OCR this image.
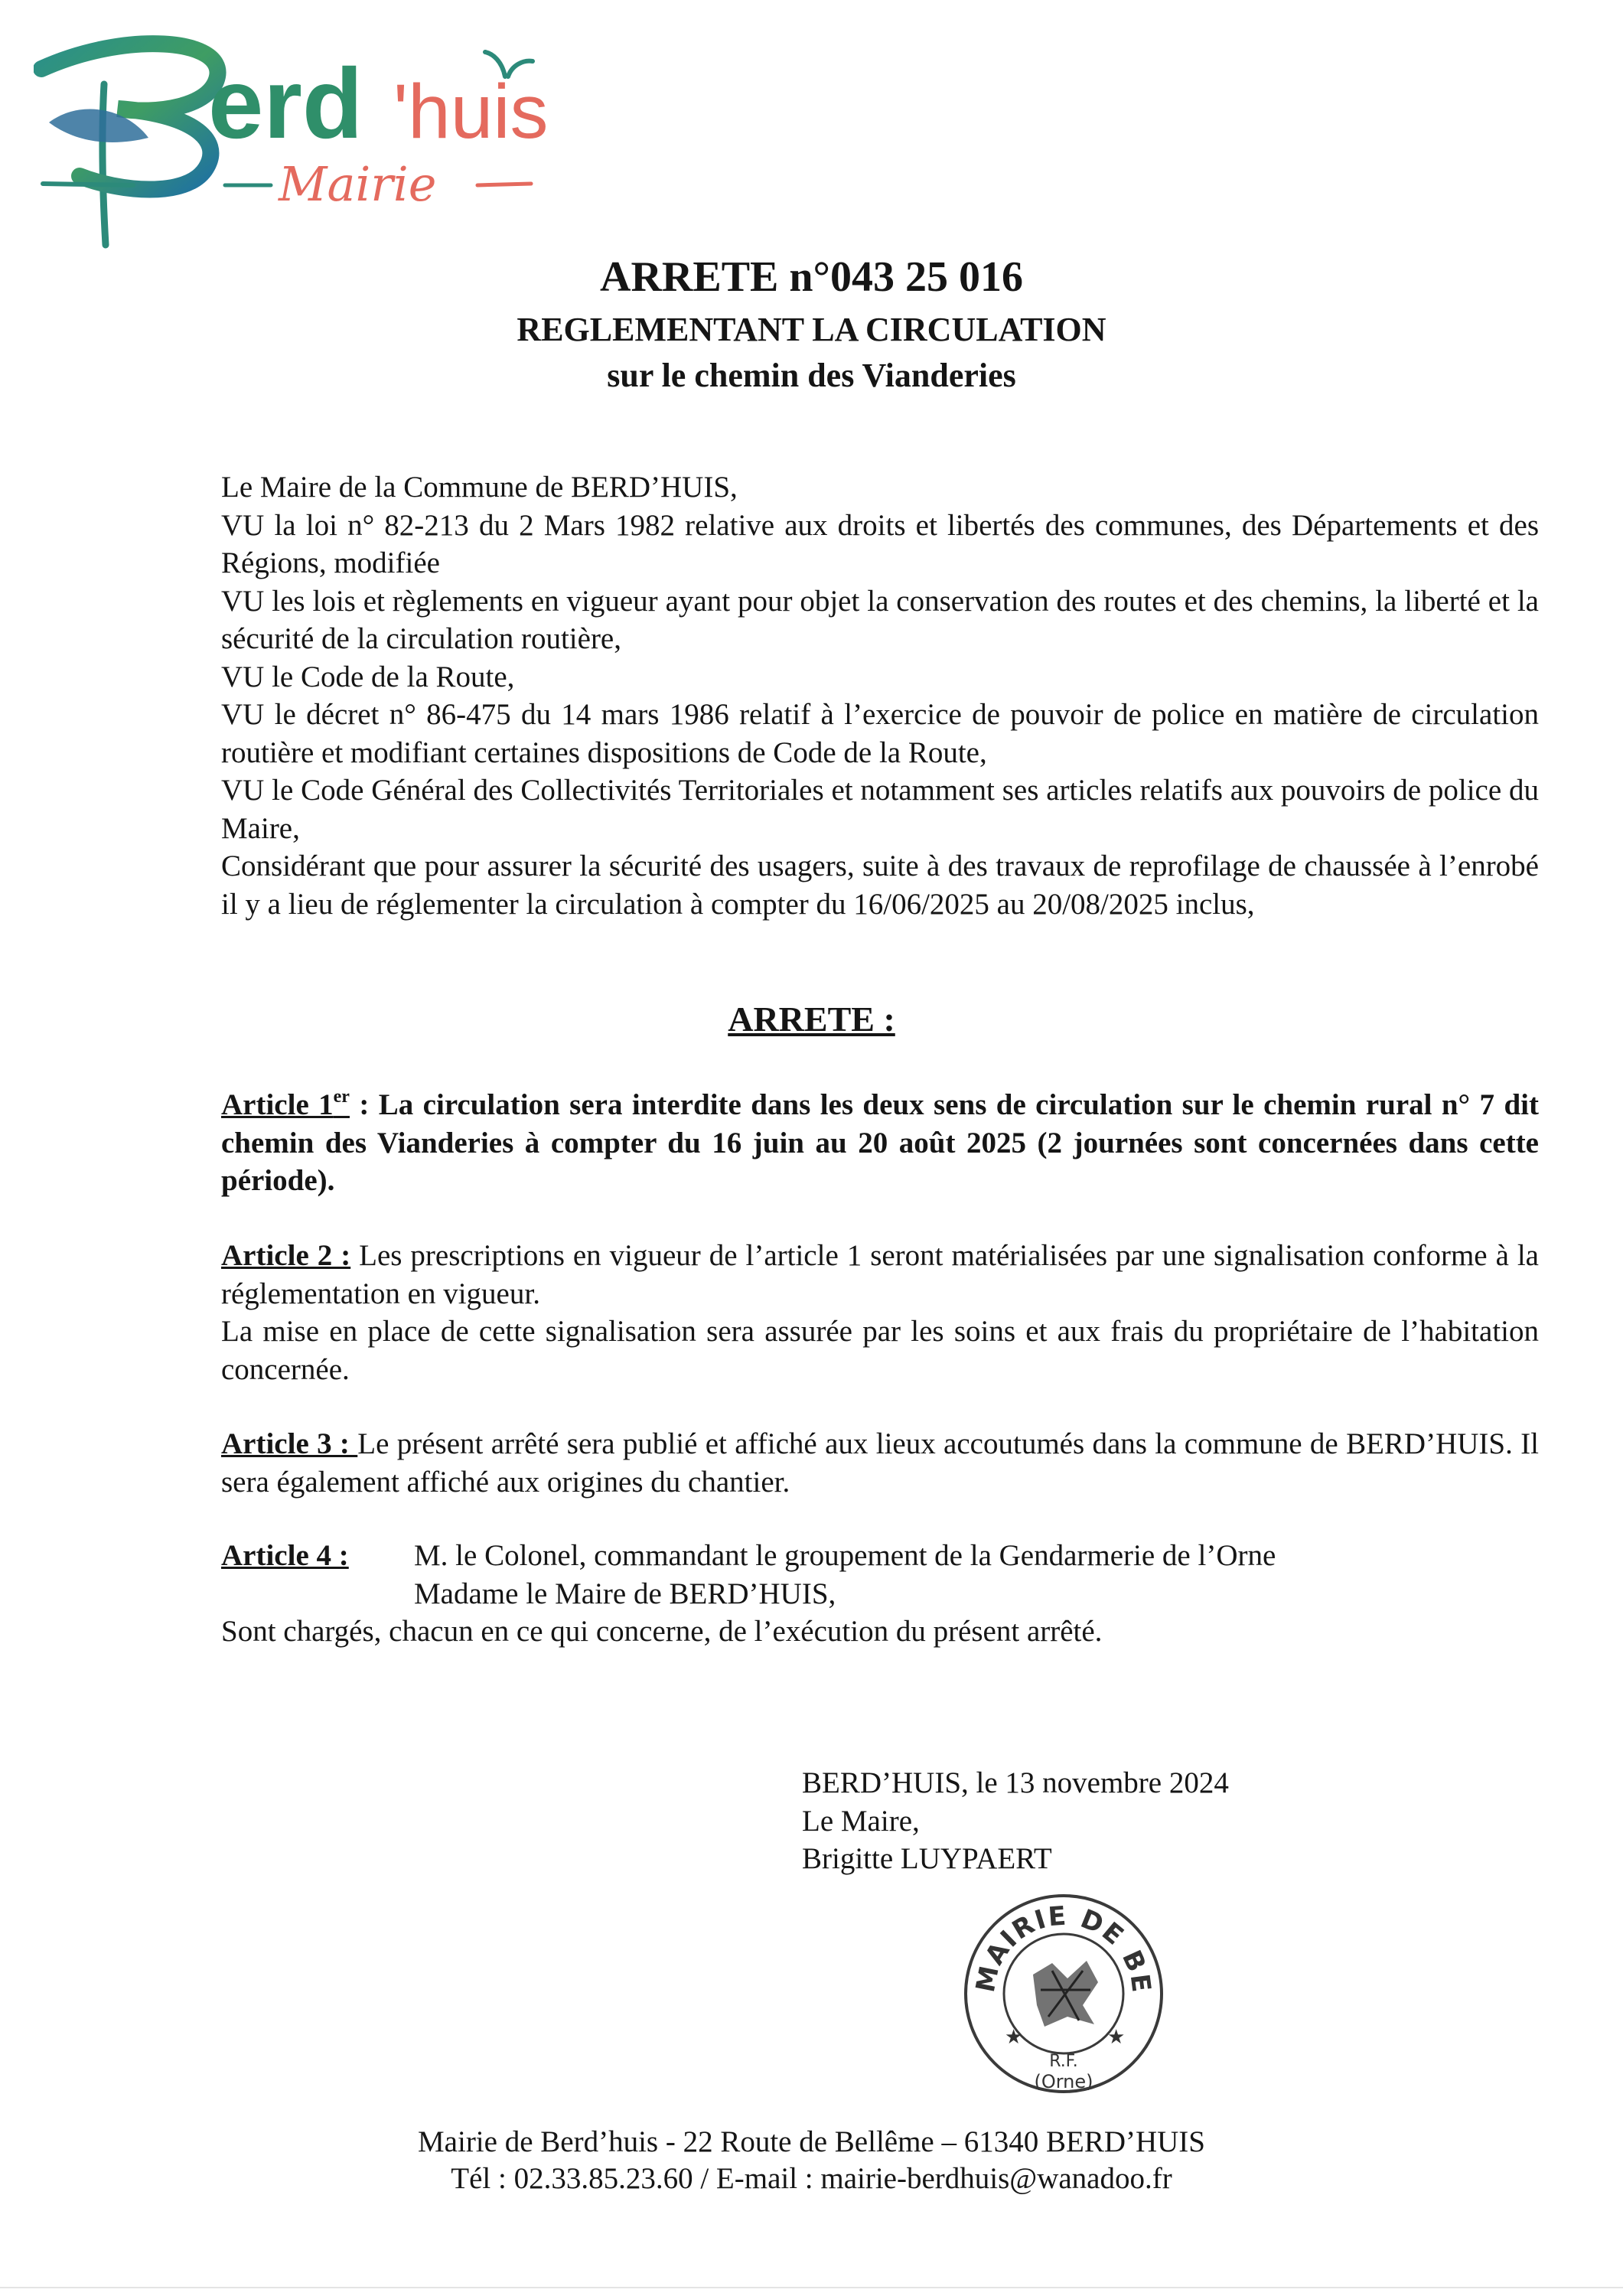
erd 'huis
Mairie
ARRETE n°043 25 016
REGLEMENTANT LA CIRCULATION
sur le chemin des Vianderies

Le Maire de la Commune de BERD’HUIS,

VU la loi n° 82-213 du 2 Mars 1982 relative aux droits et libertés des communes, des Départements et des Régions, modifiée

VU les lois et règlements en vigueur ayant pour objet la conservation des routes et des chemins, la liberté et la sécurité de la circulation routière,

VU le Code de la Route,

VU le décret n° 86-475 du 14 mars 1986 relatif à l’exercice de pouvoir de police en matière de circulation routière et modifiant certaines dispositions de Code de la Route,

VU le Code Général des Collectivités Territoriales et notamment ses articles relatifs aux pouvoirs de police du Maire,

Considérant que pour assurer la sécurité des usagers, suite à des travaux de reprofilage de chaussée à l’enrobé il y a lieu de réglementer la circulation à compter du 16/06/2025 au 20/08/2025 inclus,

ARRETE :

Article 1er : La circulation sera interdite dans les deux sens de circulation sur le chemin rural n° 7 dit chemin des Vianderies à compter du 16 juin au 20 août 2025 (2 journées sont concernées dans cette période).

Article 2 : Les prescriptions en vigueur de l’article 1 seront matérialisées par une signalisation conforme à la réglementation en vigueur.

La mise en place de cette signalisation sera assurée par les soins et aux frais du propriétaire de l’habitation concernée.

Article 3 : Le présent arrêté sera publié et affiché aux lieux accoutumés dans la commune de BERD’HUIS. Il sera également affiché aux origines du chantier.

Article 4 :	M. le Colonel, commandant le groupement de la Gendarmerie de l’Orne
Madame le Maire de BERD’HUIS,

Sont chargés, chacun en ce qui concerne, de l’exécution du présent arrêté.

BERD’HUIS, le 13 novembre 2024
Le Maire,
Brigitte LUYPAERT
MAIRIE DE BE
★	★
R.F.
(Orne)
Mairie de Berd’huis - 22 Route de Bellême – 61340 BERD’HUIS
Tél : 02.33.85.23.60 / E-mail : mairie-berdhuis@wanadoo.fr
